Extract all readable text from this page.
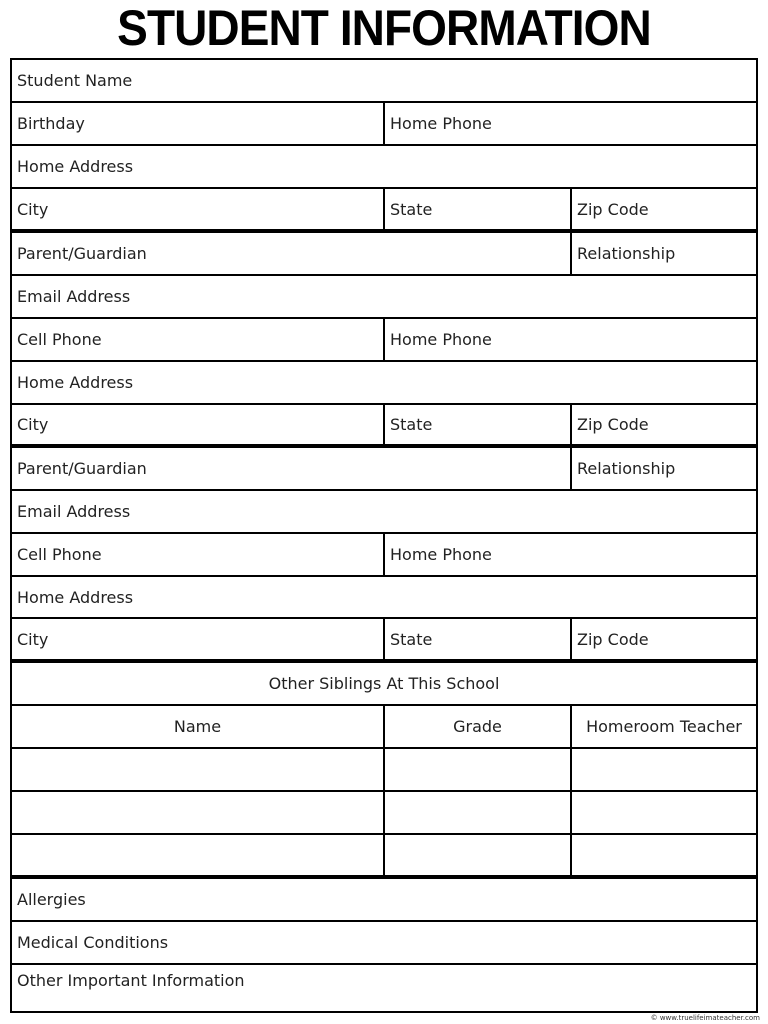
STUDENT INFORMATION
Student Name
Birthday	Home Phone
Home Address
City	State	Zip Code
Parent/Guardian	Relationship
Email Address
Cell Phone	Home Phone
Home Address
City	State	Zip Code
Parent/Guardian	Relationship
Email Address
Cell Phone	Home Phone
Home Address
City	State	Zip Code
Other Siblings At This School
Name	Grade	Homeroom Teacher
Allergies
Medical Conditions
Other Important Information
© www.truelifeimateacher.com
